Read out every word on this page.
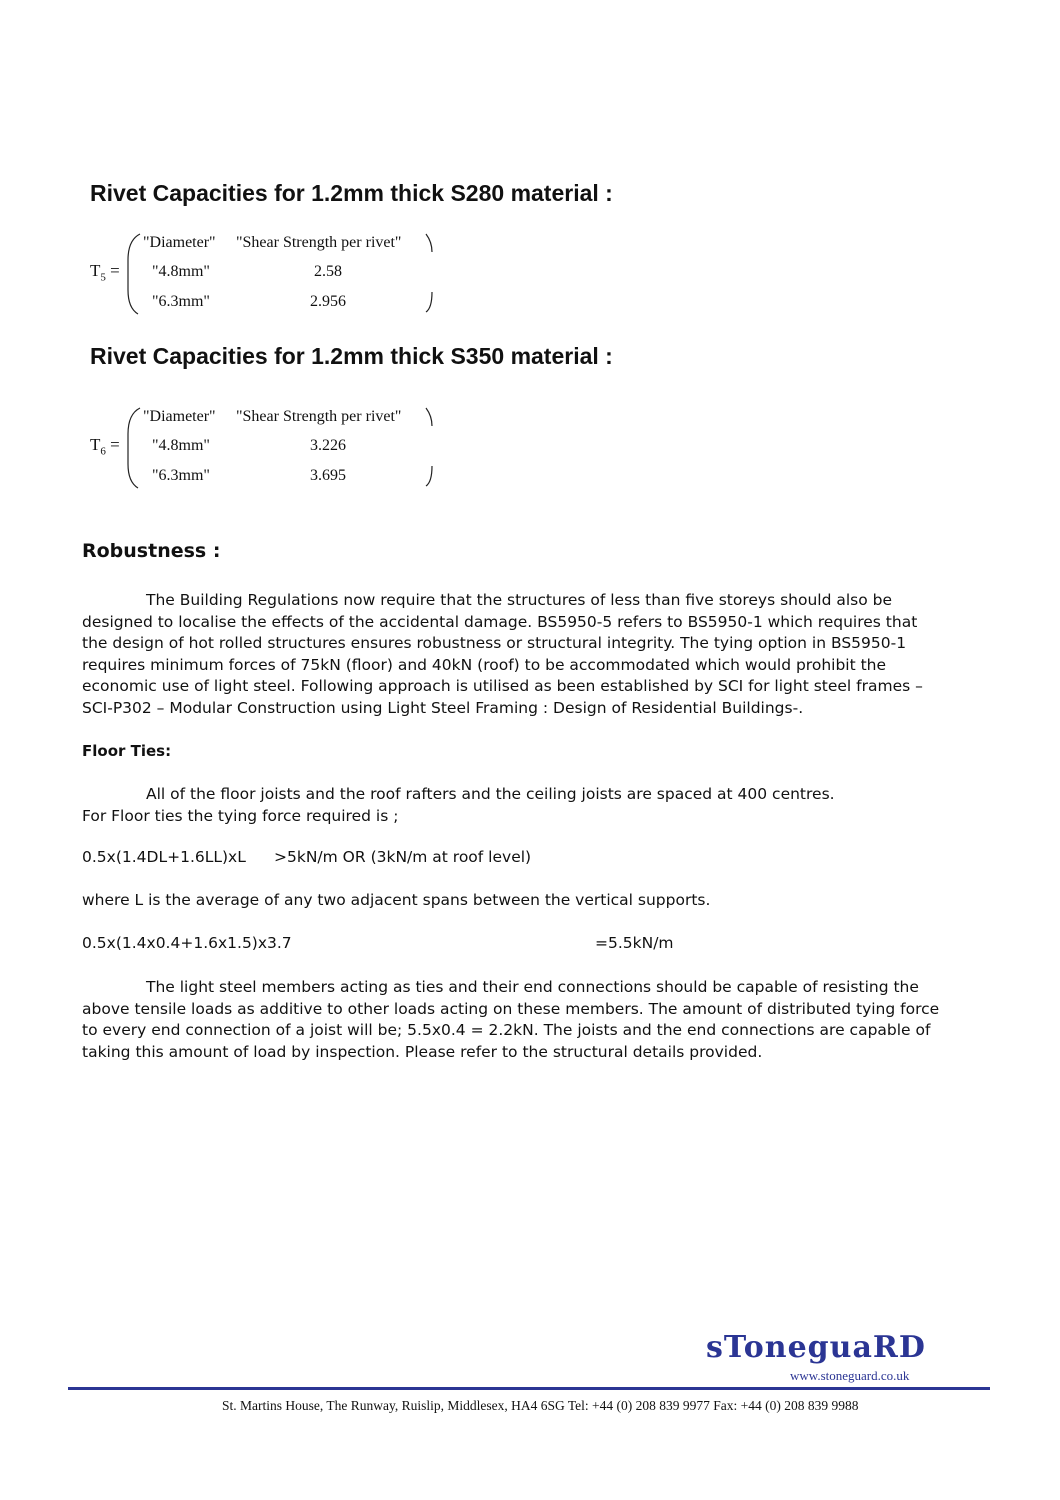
Rivet Capacities for 1.2mm thick S280 material :
$T_5$ =
"Diameter" "Shear Strength per rivet"
"4.8mm"	2.58
"6.3mm"	2.956
Rivet Capacities for 1.2mm thick S350 material :
$T_6$ =
"Diameter" "Shear Strength per rivet"
"4.8mm"	3.226
"6.3mm"	3.695
Robustness :
The Building Regulations now require that the structures of less than five storeys should also be designed to localise the effects of the accidental damage. BS5950-5 refers to BS5950-1 which requires that the design of hot rolled structures ensures robustness or structural integrity. The tying option in BS5950-1 requires minimum forces of 75kN (floor) and 40kN (roof) to be accommodated which would prohibit the economic use of light steel. Following approach is utilised as been established by SCI for light steel frames – SCI-P302 – Modular Construction using Light Steel Framing : Design of Residential Buildings-.
Floor Ties:
All of the floor joists and the roof rafters and the ceiling joists are spaced at 400 centres.
For Floor ties the tying force required is ;
0.5x(1.4DL+1.6LL)xL >5kN/m OR (3kN/m at roof level)
where L is the average of any two adjacent spans between the vertical supports.
0.5x(1.4x0.4+1.6x1.5)x3.7	=5.5kN/m
The light steel members acting as ties and their end connections should be capable of resisting the above tensile loads as additive to other loads acting on these members. The amount of distributed tying force to every end connection of a joist will be; 5.5x0.4 = 2.2kN. The joists and the end connections are capable of taking this amount of load by inspection. Please refer to the structural details provided.
sToneguaRD
www.stoneguard.co.uk
St. Martins House, The Runway, Ruislip, Middlesex, HA4 6SG Tel: +44 (0) 208 839 9977 Fax: +44 (0) 208 839 9988
